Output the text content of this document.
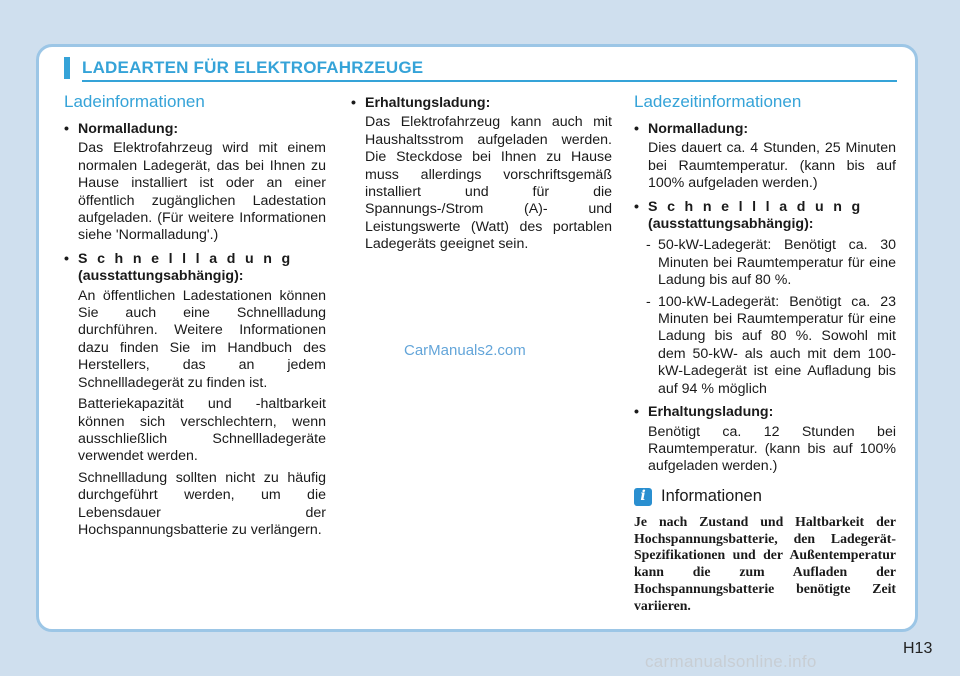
LADEARTEN FÜR ELEKTROFAHRZEUGE
Ladeinformationen
• Normalladung:
Das Elektrofahrzeug wird mit einem normalen Ladegerät, das bei Ihnen zu Hause installiert ist oder an einer öffentlich zugänglichen Ladestation aufgeladen. (Für weitere Informationen siehe 'Normalladung'.)
• Schnellladung
(ausstattungsabhängig):
An öffentlichen Ladestationen können Sie auch eine Schnellladung durchführen. Weitere Informationen dazu finden Sie im Handbuch des Herstellers, das an jedem Schnellladegerät zu finden ist.
Batteriekapazität und -haltbarkeit können sich verschlechtern, wenn ausschließlich Schnellladegeräte verwendet werden.
Schnellladung sollten nicht zu häufig durchgeführt werden, um die Lebensdauer der Hochspannungsbatterie zu verlängern.
• Erhaltungsladung:
Das Elektrofahrzeug kann auch mit Haushaltsstrom aufgeladen werden. Die Steckdose bei Ihnen zu Hause muss allerdings vorschriftsgemäß installiert und für die Spannungs-/Strom (A)- und Leistungswerte (Watt) des portablen Ladegeräts geeignet sein.
Ladezeitinformationen
• Normalladung:
Dies dauert ca. 4 Stunden, 25 Minuten bei Raumtemperatur. (kann bis auf 100% aufgeladen werden.)
• Schnellladung
(ausstattungsabhängig):
- 50-kW-Ladegerät: Benötigt ca. 30 Minuten bei Raumtemperatur für eine Ladung bis auf 80 %.
- 100-kW-Ladegerät: Benötigt ca. 23 Minuten bei Raumtemperatur für eine Ladung bis auf 80 %. Sowohl mit dem 50-kW- als auch mit dem 100-kW-Ladegerät ist eine Aufladung bis auf 94 % möglich
• Erhaltungsladung:
Benötigt ca. 12 Stunden bei Raumtemperatur. (kann bis auf 100% aufgeladen werden.)
i Informationen
Je nach Zustand und Haltbarkeit der Hochspannungsbatterie, den Ladegerät-Spezifikationen und der Außentemperatur kann die zum Aufladen der Hochspannungsbatterie benötigte Zeit variieren.
CarManuals2.com
H13
carmanualsonline.info
